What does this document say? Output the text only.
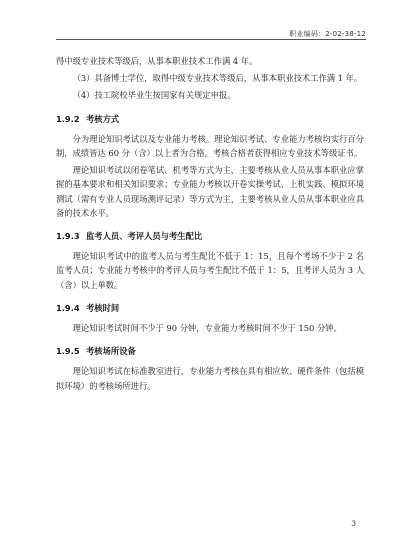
职业编码：2-02-38-12

得中级专业技术等级后，从事本职业技术工作满 4 年。

（3）具备博士学位，取得中级专业技术等级后，从事本职业技术工作满 1 年。

（4）技工院校毕业生按国家有关规定申报。

1.9.2 考核方式

分为理论知识考试以及专业能力考核。理论知识考试、专业能力考核均实行百分制，成绩皆达 60 分（含）以上者为合格。考核合格者获得相应专业技术等级证书。

理论知识考试以闭卷笔试、机考等方式为主，主要考核从业人员从事本职业应掌握的基本要求和相关知识要求；专业能力考核以开卷实操考试、上机实践、模拟环境测试（需有专业人员现场测评记录）等方式为主，主要考核从业人员从事本职业应具备的技术水平。

1.9.3 监考人员、考评人员与考生配比

理论知识考试中的监考人员与考生配比不低于 1：15，且每个考场不少于 2 名监考人员；专业能力考核中的考评人员与考生配比不低于 1：5，且考评人员为 3 人（含）以上单数。

1.9.4 考核时间

理论知识考试时间不少于 90 分钟，专业能力考核时间不少于 150 分钟。

1.9.5 考核场所设备

理论知识考试在标准教室进行，专业能力考核在具有相应软、硬件条件（包括模拟环境）的考核场所进行。

3
